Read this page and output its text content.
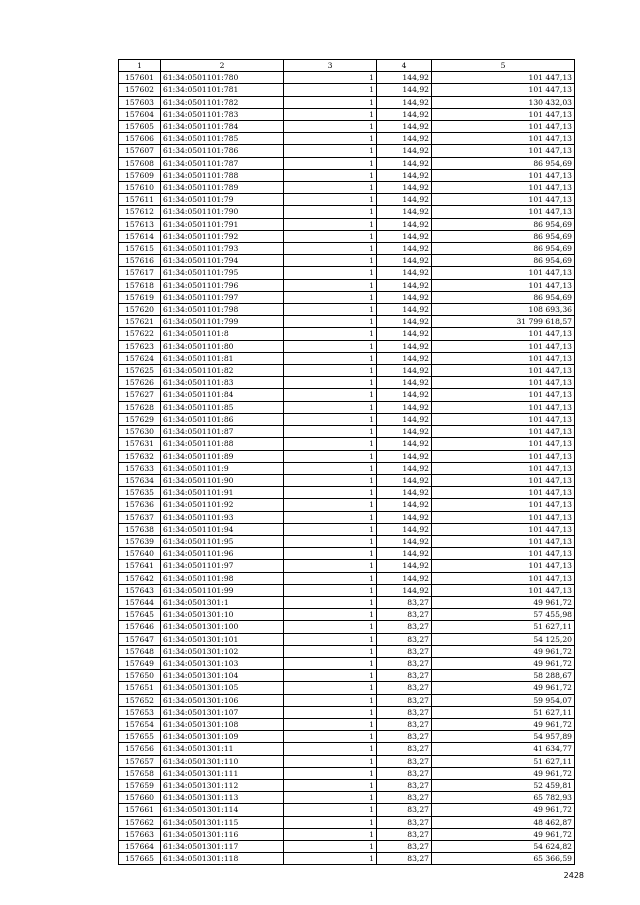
1	2	3	4	5
157601	61:34:0501101:780	1	144,92	101 447,13
157602	61:34:0501101:781	1	144,92	101 447,13
157603	61:34:0501101:782	1	144,92	130 432,03
157604	61:34:0501101:783	1	144,92	101 447,13
157605	61:34:0501101:784	1	144,92	101 447,13
157606	61:34:0501101:785	1	144,92	101 447,13
157607	61:34:0501101:786	1	144,92	101 447,13
157608	61:34:0501101:787	1	144,92	86 954,69
157609	61:34:0501101:788	1	144,92	101 447,13
157610	61:34:0501101:789	1	144,92	101 447,13
157611	61:34:0501101:79	1	144,92	101 447,13
157612	61:34:0501101:790	1	144,92	101 447,13
157613	61:34:0501101:791	1	144,92	86 954,69
157614	61:34:0501101:792	1	144,92	86 954,69
157615	61:34:0501101:793	1	144,92	86 954,69
157616	61:34:0501101:794	1	144,92	86 954,69
157617	61:34:0501101:795	1	144,92	101 447,13
157618	61:34:0501101:796	1	144,92	101 447,13
157619	61:34:0501101:797	1	144,92	86 954,69
157620	61:34:0501101:798	1	144,92	108 693,36
157621	61:34:0501101:799	1	144,92	31 799 618,57
157622	61:34:0501101:8	1	144,92	101 447,13
157623	61:34:0501101:80	1	144,92	101 447,13
157624	61:34:0501101:81	1	144,92	101 447,13
157625	61:34:0501101:82	1	144,92	101 447,13
157626	61:34:0501101:83	1	144,92	101 447,13
157627	61:34:0501101:84	1	144,92	101 447,13
157628	61:34:0501101:85	1	144,92	101 447,13
157629	61:34:0501101:86	1	144,92	101 447,13
157630	61:34:0501101:87	1	144,92	101 447,13
157631	61:34:0501101:88	1	144,92	101 447,13
157632	61:34:0501101:89	1	144,92	101 447,13
157633	61:34:0501101:9	1	144,92	101 447,13
157634	61:34:0501101:90	1	144,92	101 447,13
157635	61:34:0501101:91	1	144,92	101 447,13
157636	61:34:0501101:92	1	144,92	101 447,13
157637	61:34:0501101:93	1	144,92	101 447,13
157638	61:34:0501101:94	1	144,92	101 447,13
157639	61:34:0501101:95	1	144,92	101 447,13
157640	61:34:0501101:96	1	144,92	101 447,13
157641	61:34:0501101:97	1	144,92	101 447,13
157642	61:34:0501101:98	1	144,92	101 447,13
157643	61:34:0501101:99	1	144,92	101 447,13
157644	61:34:0501301:1	1	83,27	49 961,72
157645	61:34:0501301:10	1	83,27	57 455,98
157646	61:34:0501301:100	1	83,27	51 627,11
157647	61:34:0501301:101	1	83,27	54 125,20
157648	61:34:0501301:102	1	83,27	49 961,72
157649	61:34:0501301:103	1	83,27	49 961,72
157650	61:34:0501301:104	1	83,27	58 288,67
157651	61:34:0501301:105	1	83,27	49 961,72
157652	61:34:0501301:106	1	83,27	59 954,07
157653	61:34:0501301:107	1	83,27	51 627,11
157654	61:34:0501301:108	1	83,27	49 961,72
157655	61:34:0501301:109	1	83,27	54 957,89
157656	61:34:0501301:11	1	83,27	41 634,77
157657	61:34:0501301:110	1	83,27	51 627,11
157658	61:34:0501301:111	1	83,27	49 961,72
157659	61:34:0501301:112	1	83,27	52 459,81
157660	61:34:0501301:113	1	83,27	65 782,93
157661	61:34:0501301:114	1	83,27	49 961,72
157662	61:34:0501301:115	1	83,27	48 462,87
157663	61:34:0501301:116	1	83,27	49 961,72
157664	61:34:0501301:117	1	83,27	54 624,82
157665	61:34:0501301:118	1	83,27	65 366,59
2428
